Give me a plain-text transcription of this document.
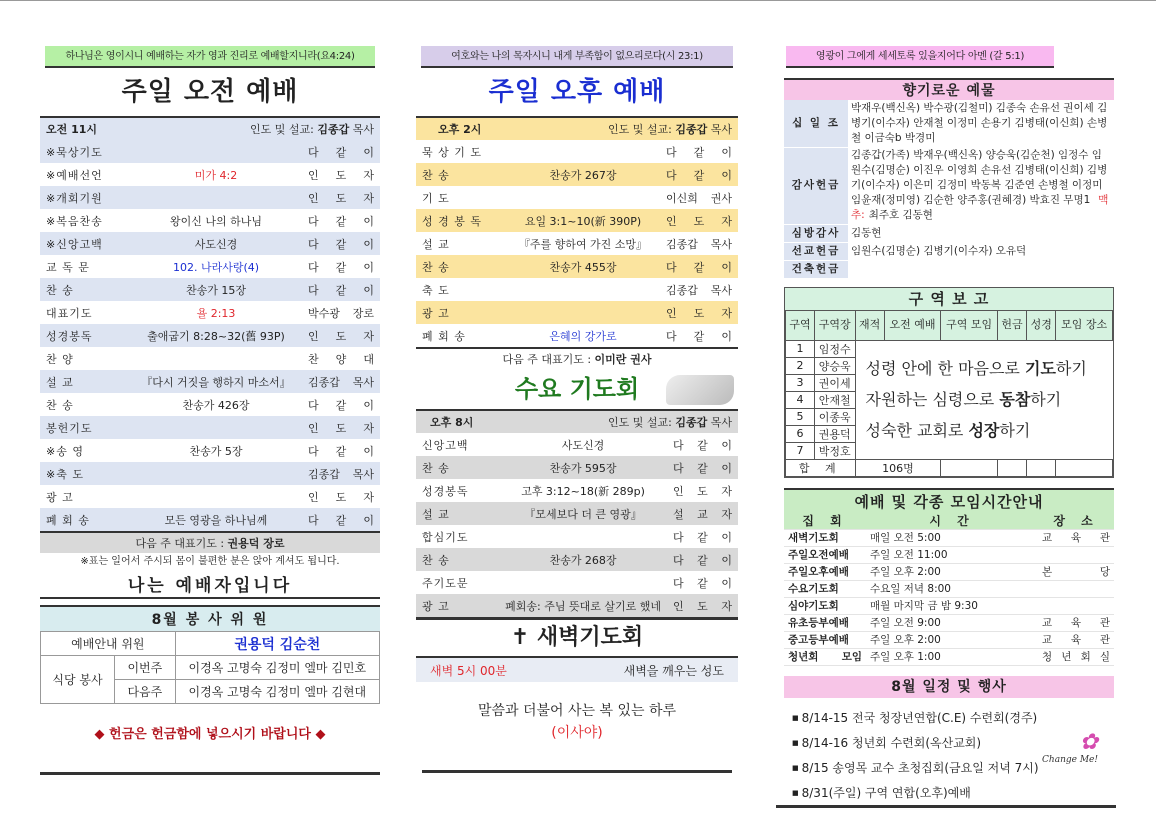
하나님은 영이시니 예배하는 자가 영과 진리로 예배할지니라(요4:24)
주일 오전 예배
오전 11시	인도 및 설교: 김종갑 목사	
※묵상기도		다 같 이
※예배선언	미가 4:2	인 도 자
※개회기원		인 도 자
※복음찬송	왕이신 나의 하나님	다 같 이
※신앙고백	사도신경	다 같 이
교 독 문	102. 나라사랑(4)	다 같 이
찬 송	찬송가 15장	다 같 이
대표기도	욜 2:13	박수광 장로
성경봉독	출애굽기 8:28~32(舊 93P)	인 도 자
찬 양		찬 양 대
설 교	『다시 거짓을 행하지 마소서』	김종갑 목사
찬 송	찬송가 426장	다 같 이
봉헌기도		인 도 자
※송 영	찬송가 5장	다 같 이
※축 도		김종갑 목사
광 고		인 도 자
폐 회 송	모든 영광을 하나님께	다 같 이
다음 주 대표기도 : 권용덕 장로
※표는 일어서 주시되 몸이 불편한 분은 앉아 계셔도 됩니다.
나는 예배자입니다
8월 봉 사 위 원
예배안내 위원		권용덕 김순천
식당 봉사	이번주	이경옥 고명숙 김정미 엘마 김민호
	다음주	이경옥 고명숙 김정미 엘마 김현대
◆ 헌금은 헌금함에 넣으시기 바랍니다 ◆
여호와는 나의 목자시니 내게 부족함이 없으리로다(시 23:1)
주일 오후 예배
오후 2시	인도 및 설교: 김종갑 목사	
묵 상 기 도		다 같 이
찬 송	찬송가 267장	다 같 이
기 도		이신희 권사
성 경 봉 독	요일 3:1~10(新 390P)	인 도 자
설 교	『주를 향하여 가진 소망』	김종갑 목사
찬 송	찬송가 455장	다 같 이
축 도		김종갑 목사
광 고		인 도 자
폐 회 송	은혜의 강가로	다 같 이
다음 주 대표기도 : 이미란 권사
수요 기도회
오후 8시	인도 및 설교: 김종갑 목사	
신앙고백	사도신경	다 같 이
찬 송	찬송가 595장	다 같 이
성경봉독	고후 3:12~18(新 289p)	인 도 자
설 교	『모세보다 더 큰 영광』	설 교 자
합심기도		다 같 이
찬 송	찬송가 268장	다 같 이
주기도문		다 같 이
광 고	폐회송: 주님 뜻대로 살기로 했네	인 도 자
✝ 새벽기도회
새벽 5시 00분	새벽을 깨우는 성도
말씀과 더불어 사는 복 있는 하루
(이사야)
영광이 그에게 세세토록 있을지어다 아멘 (갈 5:1)
향기로운 예물
십 일 조	박재우(백신옥) 박수광(김철미) 김종숙 손유선 권이세 김병기(이수자) 안재철 이정미 손용기 김병태(이신희) 손병철 이금숙b 박경미
감사헌금	김종갑(가족) 박재우(백신옥) 양승욱(김순천) 임정수 임원수(김명순) 이진우 이영희 손유선 김병태(이신희) 김병기(이수자) 이은미 김정미 박동복 김준연 손병철 이정미 임윤재(정미영) 김순한 양주홍(권혜경) 박효진 무명1 맥추: 최주호 김동현
심방감사	김동현
선교헌금	임원수(김명순) 김병기(이수자) 오유덕
건축헌금	
구 역 보 고
구역	구역장	재적	오전 예배	구역 모임	헌금	성경	모임 장소
1	임정수	성령 안에 한 마음으로 기도하기
자원하는 심령으로 동참하기
성숙한 교회로 성장하기					

2	양승욱						
3	권이세						
4	안재철						
5	이종욱						
6	권용덕						
7	박정호						
합 계		106명					
예배 및 각종 모임시간안내
집 회	시 간	장 소
새벽기도회	매일 오전 5:00	교 육 관
주일오전예배	주일 오전 11:00	
주일오후예배	주일 오후 2:00	본 당
수요기도회	수요일 저녁 8:00	
심야기도회	매월 마지막 금 밤 9:30	
유초등부예배	주일 오전 9:00	교 육 관
중고등부예배	주일 오후 2:00	교 육 관
청년회 모임	주일 오후 1:00	청 년 회 실
8월 일정 및 행사
■ 8/14-15 전국 청장년연합(C.E) 수련회(경주)
■ 8/14-16 청년회 수련회(옥산교회)
■ 8/15 송영목 교수 초청집회(금요일 저녁 7시)
■ 8/31(주일) 구역 연합(오후)예배
✿
Change Me!
